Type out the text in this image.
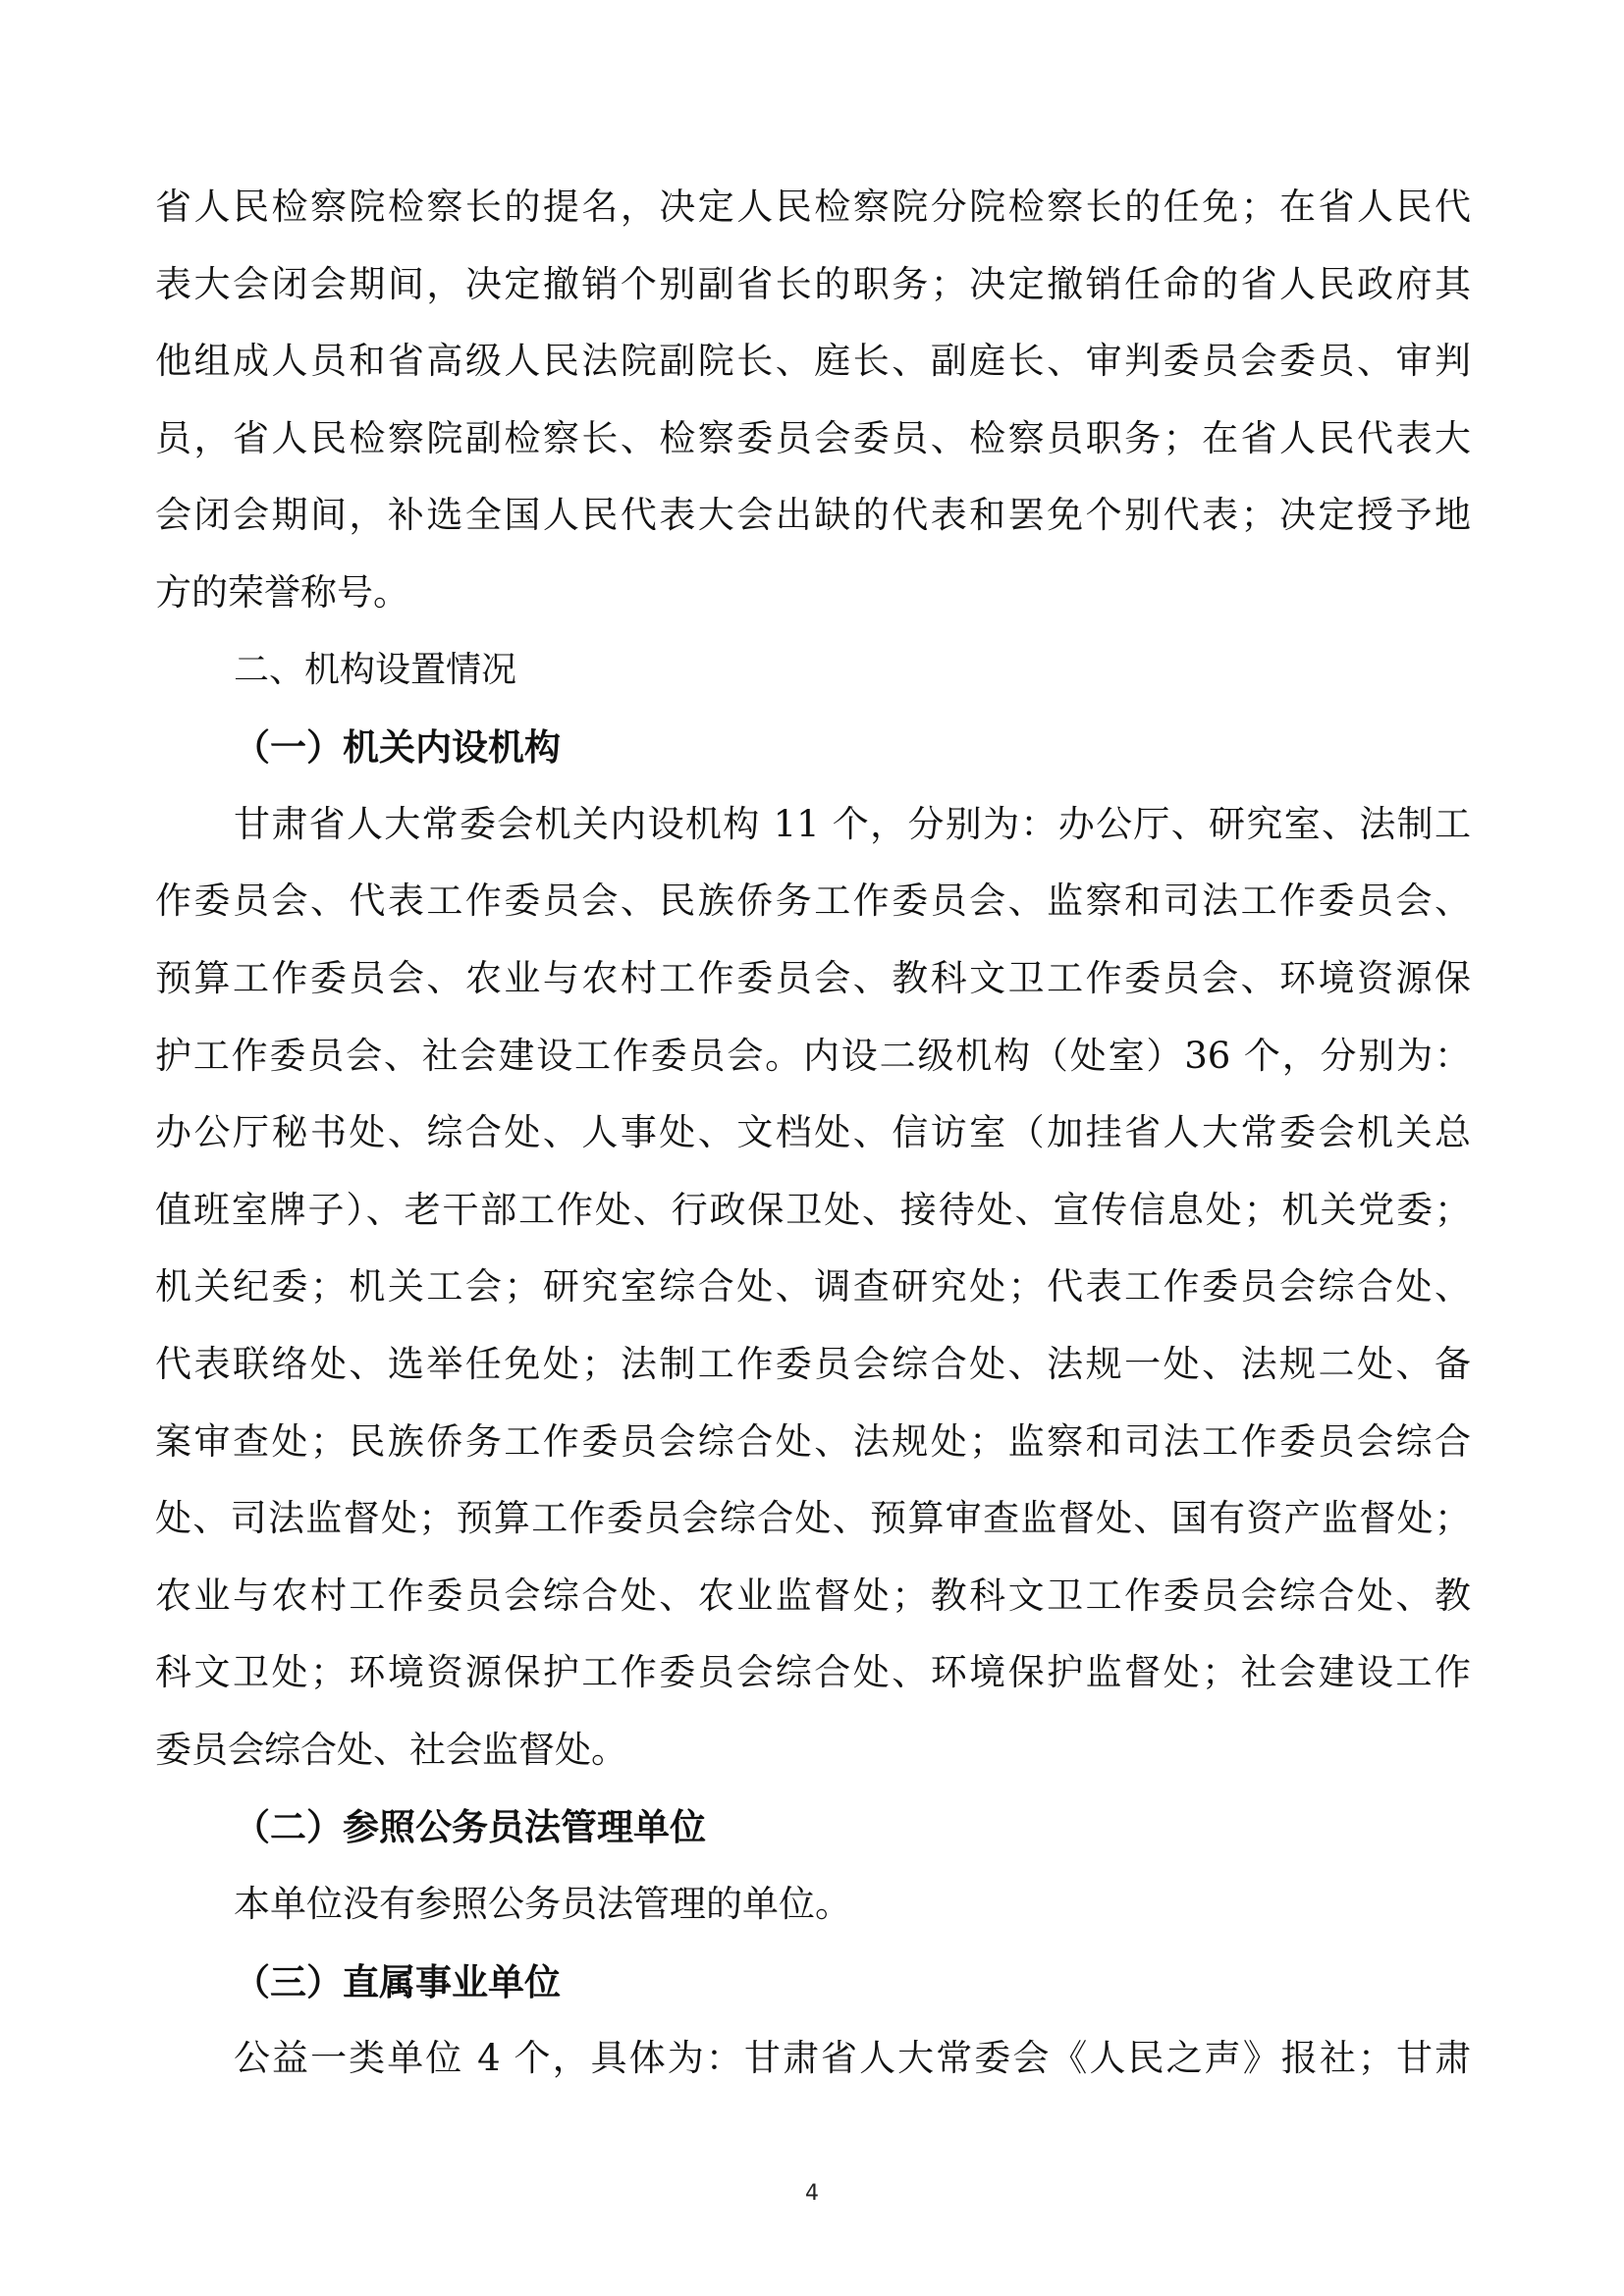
省人民检察院检察长的提名，决定人民检察院分院检察长的任免；在省人民代
表大会闭会期间，决定撤销个别副省长的职务；决定撤销任命的省人民政府其
他组成人员和省高级人民法院副院长、庭长、副庭长、审判委员会委员、审判
员，省人民检察院副检察长、检察委员会委员、检察员职务；在省人民代表大
会闭会期间，补选全国人民代表大会出缺的代表和罢免个别代表；决定授予地
方的荣誉称号。
二、机构设置情况
（一）机关内设机构
甘肃省人大常委会机关内设机构 11 个，分别为：办公厅、研究室、法制工
作委员会、代表工作委员会、民族侨务工作委员会、监察和司法工作委员会、
预算工作委员会、农业与农村工作委员会、教科文卫工作委员会、环境资源保
护工作委员会、社会建设工作委员会。内设二级机构（处室）36 个，分别为：
办公厅秘书处、综合处、人事处、文档处、信访室（加挂省人大常委会机关总
值班室牌子）、老干部工作处、行政保卫处、接待处、宣传信息处；机关党委；
机关纪委；机关工会；研究室综合处、调查研究处；代表工作委员会综合处、
代表联络处、选举任免处；法制工作委员会综合处、法规一处、法规二处、备
案审查处；民族侨务工作委员会综合处、法规处；监察和司法工作委员会综合
处、司法监督处；预算工作委员会综合处、预算审查监督处、国有资产监督处；
农业与农村工作委员会综合处、农业监督处；教科文卫工作委员会综合处、教
科文卫处；环境资源保护工作委员会综合处、环境保护监督处；社会建设工作
委员会综合处、社会监督处。
（二）参照公务员法管理单位
本单位没有参照公务员法管理的单位。
（三）直属事业单位
公益一类单位 4 个，具体为：甘肃省人大常委会《人民之声》报社；甘肃
4
